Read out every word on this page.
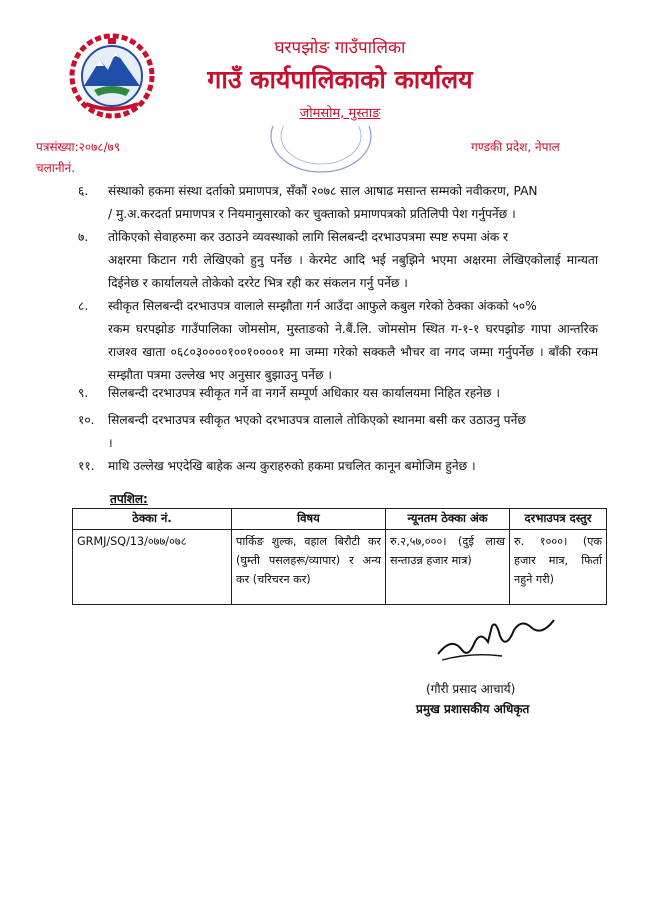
घरपझोङ गाउँपालिका
गाउँ कार्यपालिकाको कार्यालय
जोमसोम, मुस्ताङ
पत्रसंख्या:२०७८/७९
चलानीनं.
गण्डकी प्रदेश, नेपाल
६. संस्थाको हकमा संस्था दर्ताको प्रमाणपत्र, सँकौं २०७८ साल आषाढ मसान्त सम्मको नवीकरण, PAN
/ मु.अ.करदर्ता प्रमाणपत्र र नियमानुसारको कर चुक्ताको प्रमाणपत्रको प्रतिलिपी पेश गर्नुपर्नेछ ।
७. तोकिएको सेवाहरुमा कर उठाउने व्यवस्थाको लागि सिलबन्दी दरभाउपत्रमा स्पष्ट रुपमा अंक र
अक्षरमा किटान गरी लेखिएको हुनु पर्नेछ । केरमेट आदि भई नबुझिने भएमा अक्षरमा लेखिएकोलाई मान्यता दिईनेछ र कार्यालयले तोकेको दररेट भित्र रही कर संकलन गर्नु पर्नेछ ।
८. स्वीकृत सिलबन्दी दरभाउपत्र वालाले सम्झौता गर्न आउँदा आफुले कबुल गरेको ठेक्का अंकको ५०%
रकम घरपझोङ गाउँपालिका जोमसोम, मुस्ताङको ने.बैं.लि. जोमसोम स्थित ग-१-१ घरपझोङ गापा आन्तरिक राजश्व खाता ०६८०३००००१००१००००१ मा जम्मा गरेको सक्कलै भौचर वा नगद जम्मा गर्नुपर्नेछ । बाँकी रकम सम्झौता पत्रमा उल्लेख भए अनुसार बुझाउनु पर्नेछ ।
९. सिलबन्दी दरभाउपत्र स्वीकृत गर्ने वा नगर्ने सम्पूर्ण अधिकार यस कार्यालयमा निहित रहनेछ ।
१०. सिलबन्दी दरभाउपत्र स्वीकृत भएको दरभाउपत्र वालाले तोकिएको स्थानमा बसी कर उठाउनु पर्नेछ
।
११. माथि उल्लेख भएदेखि बाहेक अन्य कुराहरुको हकमा प्रचलित कानून बमोजिम हुनेछ ।
तपशिल:
ठेक्का नं.	विषय	न्यूनतम ठेक्का अंक	दरभाउपत्र दस्तुर
GRMJ/SQ/13/०७७/०७८	पार्किङ शुल्क, वहाल बिरौटी कर (घुम्ती पसलहरू/व्यापार) र अन्य कर (चरिचरन कर)	रु.२,५७,०००। (दुई लाख सन्ताउन्न हजार मात्र)	रु. १०००। (एक हजार मात्र, फिर्ता नहुने गरी)
(गौरी प्रसाद आचार्य)
प्रमुख प्रशासकीय अधिकृत
